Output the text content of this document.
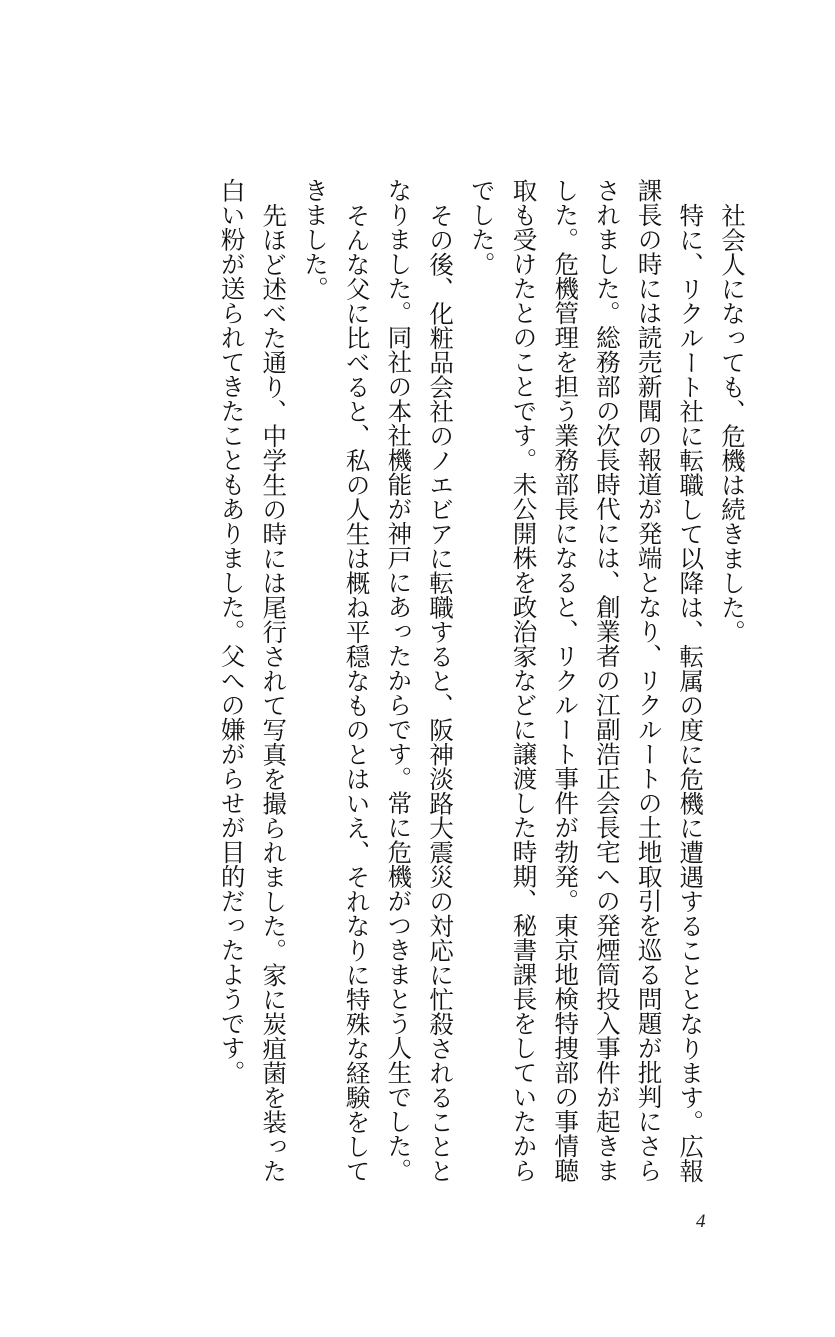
社会人になっても、危機は続きました。

特に、リクルート社に転職して以降は、転属の度に危機に遭遇することとなります。広報課長の時には読売新聞の報道が発端となり、リクルートの土地取引を巡る問題が批判にさらされました。総務部の次長時代には、創業者の江副浩正会長宅への発煙筒投入事件が起きました。危機管理を担う業務部長になると、リクルート事件が勃発。東京地検特捜部の事情聴取も受けたとのことです。未公開株を政治家などに譲渡した時期、秘書課長をしていたからでした。

その後、化粧品会社のノエビアに転職すると、阪神淡路大震災の対応に忙殺されることとなりました。同社の本社機能が神戸にあったからです。常に危機がつきまとう人生でした。

そんな父に比べると、私の人生は概ね平穏なものとはいえ、それなりに特殊な経験をしてきました。

先ほど述べた通り、中学生の時には尾行されて写真を撮られました。家に炭疽菌を装った白い粉が送られてきたこともありました。父への嫌がらせが目的だったようです。

4
